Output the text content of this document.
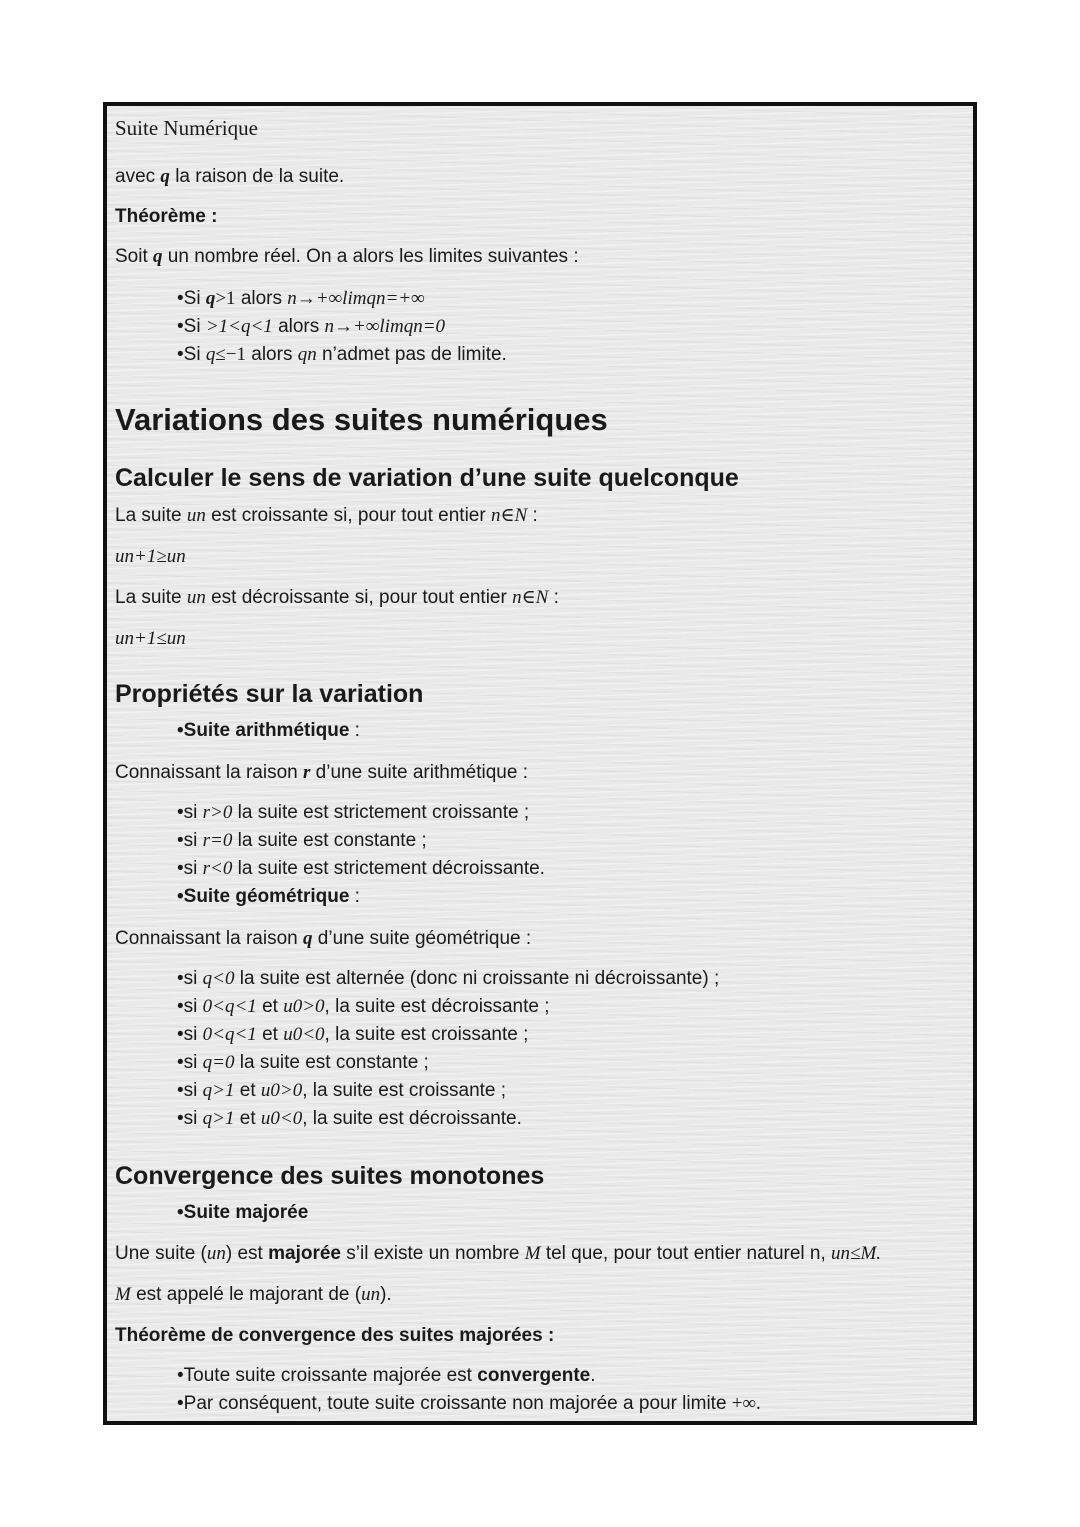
Suite Numérique
avec q la raison de la suite.
Théorème :
Soit q un nombre réel. On a alors les limites suivantes :
•Si q>1 alors n→+∞limqn=+∞
•Si >1<q<1 alors n→+∞limqn=0
•Si q≤−1 alors qn n’admet pas de limite.
Variations des suites numériques
Calculer le sens de variation d’une suite quelconque
La suite un est croissante si, pour tout entier n∈N :
un+1≥un
La suite un est décroissante si, pour tout entier n∈N :
un+1≤un
Propriétés sur la variation
•Suite arithmétique :
Connaissant la raison r d’une suite arithmétique :
•si r>0 la suite est strictement croissante ;
•si r=0 la suite est constante ;
•si r<0 la suite est strictement décroissante.
•Suite géométrique :
Connaissant la raison q d’une suite géométrique :
•si q<0 la suite est alternée (donc ni croissante ni décroissante) ;
•si 0<q<1 et u0>0, la suite est décroissante ;
•si 0<q<1 et u0<0, la suite est croissante ;
•si q=0 la suite est constante ;
•si q>1 et u0>0, la suite est croissante ;
•si q>1 et u0<0, la suite est décroissante.
Convergence des suites monotones
•Suite majorée
Une suite (un) est majorée s’il existe un nombre M tel que, pour tout entier naturel n, un≤M.
M est appelé le majorant de (un).
Théorème de convergence des suites majorées :
•Toute suite croissante majorée est convergente.
•Par conséquent, toute suite croissante non majorée a pour limite +∞.
